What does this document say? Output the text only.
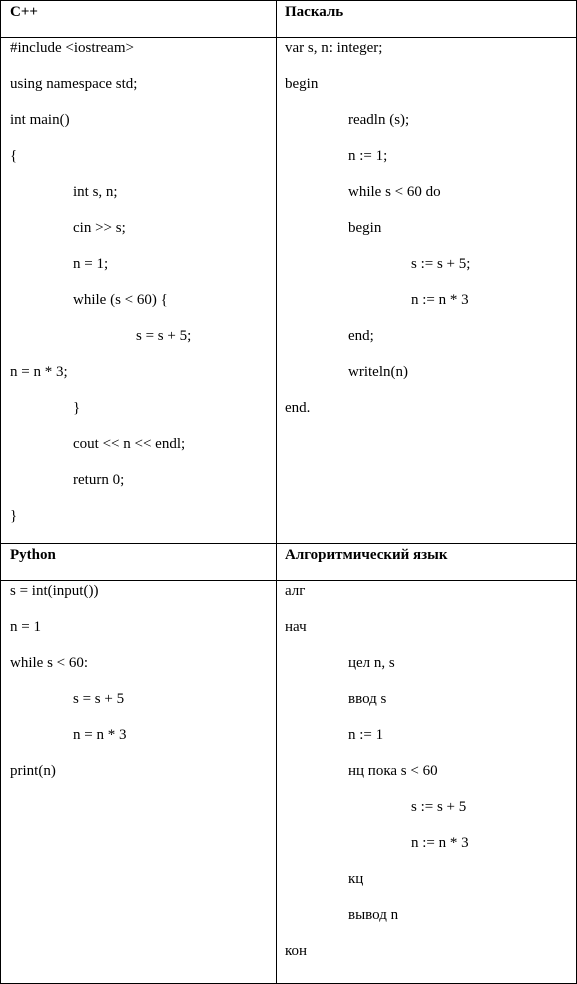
C++	Паскаль
Python	Алгоритмический язык
#include <iostream>
using namespace std;
int main()
{
int s, n;
cin >> s;
n = 1;
while (s < 60) {
s = s + 5;
n = n * 3;
}
cout << n << endl;
return 0;
}
var s, n: integer;
begin
readln (s);
n := 1;
while s < 60 do
begin
s := s + 5;
n := n * 3
end;
writeln(n)
end.
s = int(input())
n = 1
while s < 60:
s = s + 5
n = n * 3
print(n)
алг
нач
цел n, s
ввод s
n := 1
нц пока s < 60
s := s + 5
n := n * 3
кц
вывод n
кон
